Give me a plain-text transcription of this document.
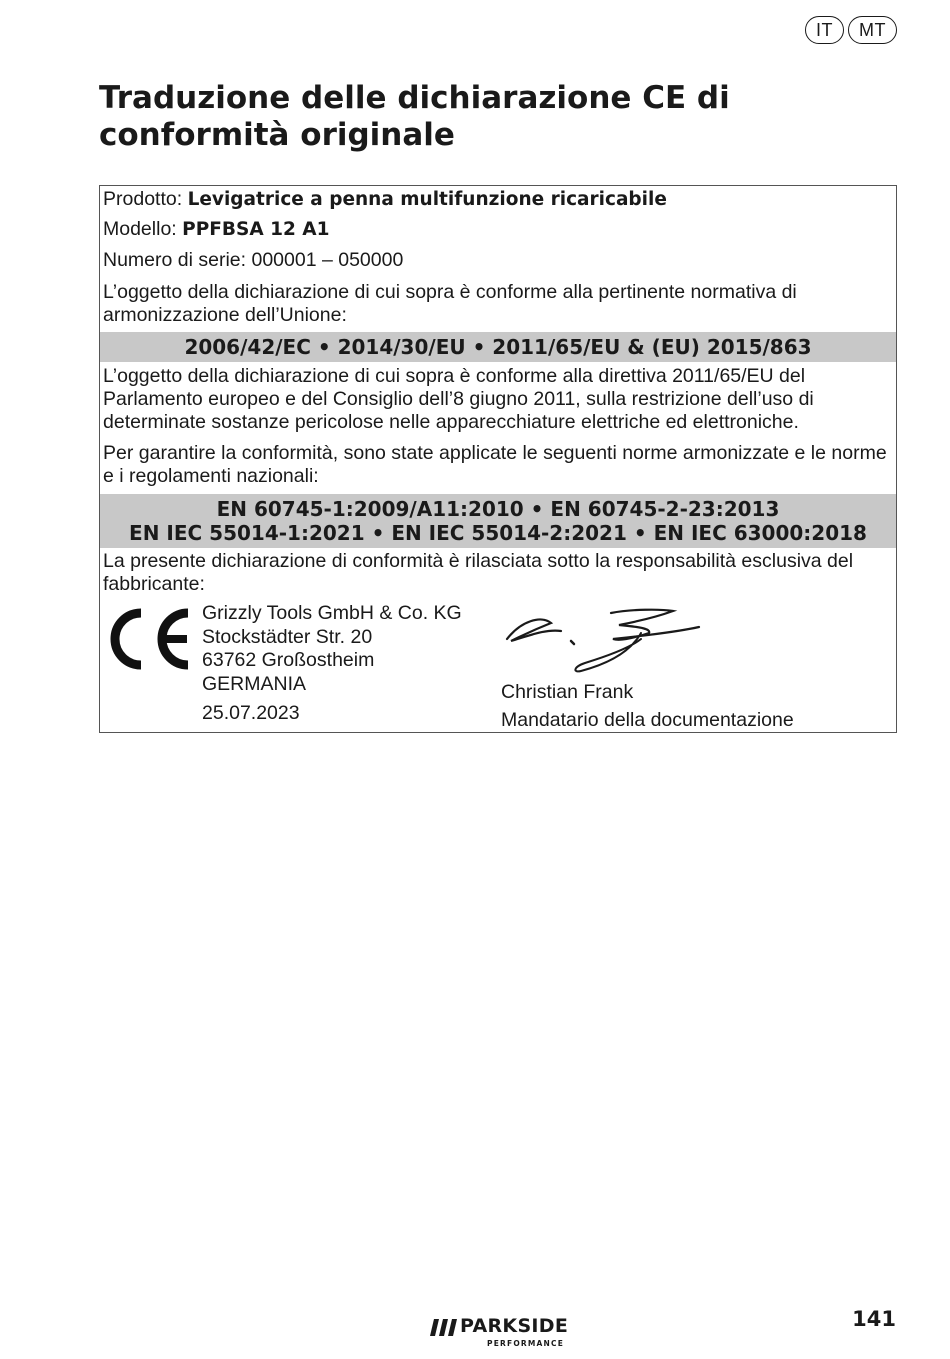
IT	MT
Traduzione delle dichiarazione CE di conformità originale
Prodotto: Levigatrice a penna multifunzione ricaricabile
Modello: PPFBSA 12 A1
Numero di serie: 000001 – 050000
L’oggetto della dichiarazione di cui sopra è conforme alla pertinente normativa di armonizzazione dell’Unione:
2006/42/EC • 2014/30/EU • 2011/65/EU & (EU) 2015/863
L’oggetto della dichiarazione di cui sopra è conforme alla direttiva 2011/65/EU del Parlamento europeo e del Consiglio dell’8 giugno 2011, sulla restrizione dell’uso di determinate sostanze pericolose nelle apparecchiature elettriche ed elettroniche.
Per garantire la conformità, sono state applicate le seguenti norme armonizzate e le norme e i regolamenti nazionali:
EN 60745-1:2009/A11:2010 • EN 60745-2-23:2013
EN IEC 55014-1:2021 • EN IEC 55014-2:2021 • EN IEC 63000:2018
La presente dichiarazione di conformità è rilasciata sotto la responsabilità esclusiva del fabbricante:
Grizzly Tools GmbH & Co. KG
Stockstädter Str. 20
63762 Großostheim
GERMANIA
25.07.2023
Christian Frank
Mandatario della documentazione
PARKSIDE
PERFORMANCE
141
